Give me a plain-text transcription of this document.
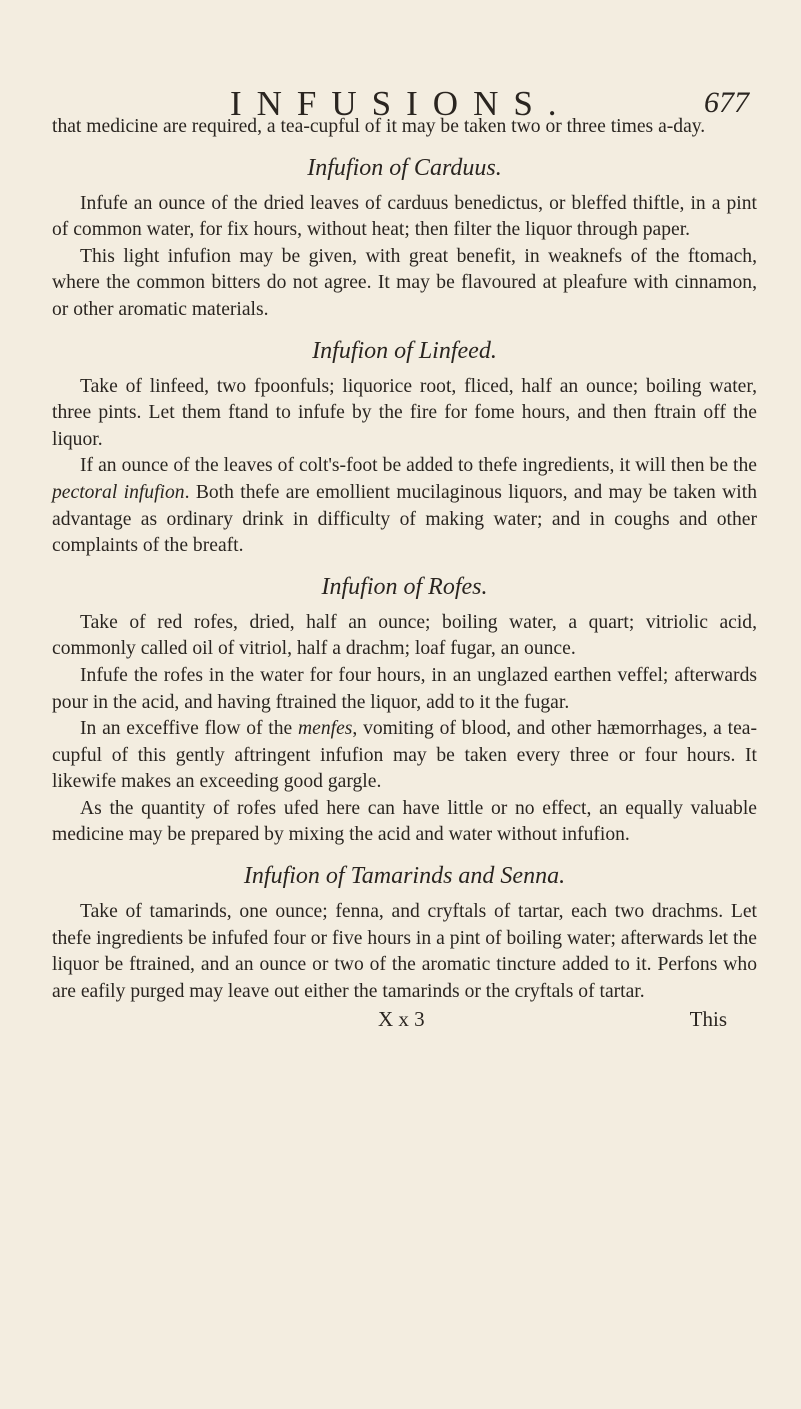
INFUSIONS.	677

that medicine are required, a tea-cupful of it may be taken two or three times a-day.

Infufion of Carduus.

Infufe an ounce of the dried leaves of carduus benedictus, or bleffed thiftle, in a pint of common water, for fix hours, without heat; then filter the liquor through paper.

This light infufion may be given, with great benefit, in weaknefs of the ftomach, where the common bitters do not agree. It may be flavoured at pleafure with cinnamon, or other aromatic materials.

Infufion of Linfeed.

Take of linfeed, two fpoonfuls; liquorice root, fliced, half an ounce; boiling water, three pints. Let them ftand to infufe by the fire for fome hours, and then ftrain off the liquor.

If an ounce of the leaves of colt's-foot be added to thefe ingredients, it will then be the pectoral infufion. Both thefe are emollient mucilaginous liquors, and may be taken with advantage as ordinary drink in difficulty of making water; and in coughs and other complaints of the breaft.

Infufion of Rofes.

Take of red rofes, dried, half an ounce; boiling water, a quart; vitriolic acid, commonly called oil of vitriol, half a drachm; loaf fugar, an ounce.

Infufe the rofes in the water for four hours, in an unglazed earthen veffel; afterwards pour in the acid, and having ftrained the liquor, add to it the fugar.

In an exceffive flow of the menfes, vomiting of blood, and other hæmorrhages, a tea-cupful of this gently aftringent infufion may be taken every three or four hours. It likewife makes an exceeding good gargle.

As the quantity of rofes ufed here can have little or no effect, an equally valuable medicine may be prepared by mixing the acid and water without infufion.

Infufion of Tamarinds and Senna.

Take of tamarinds, one ounce; fenna, and cryftals of tartar, each two drachms. Let thefe ingredients be infufed four or five hours in a pint of boiling water; afterwards let the liquor be ftrained, and an ounce or two of the aromatic tincture added to it. Perfons who are eafily purged may leave out either the tamarinds or the cryftals of tartar.

X x 3	This
